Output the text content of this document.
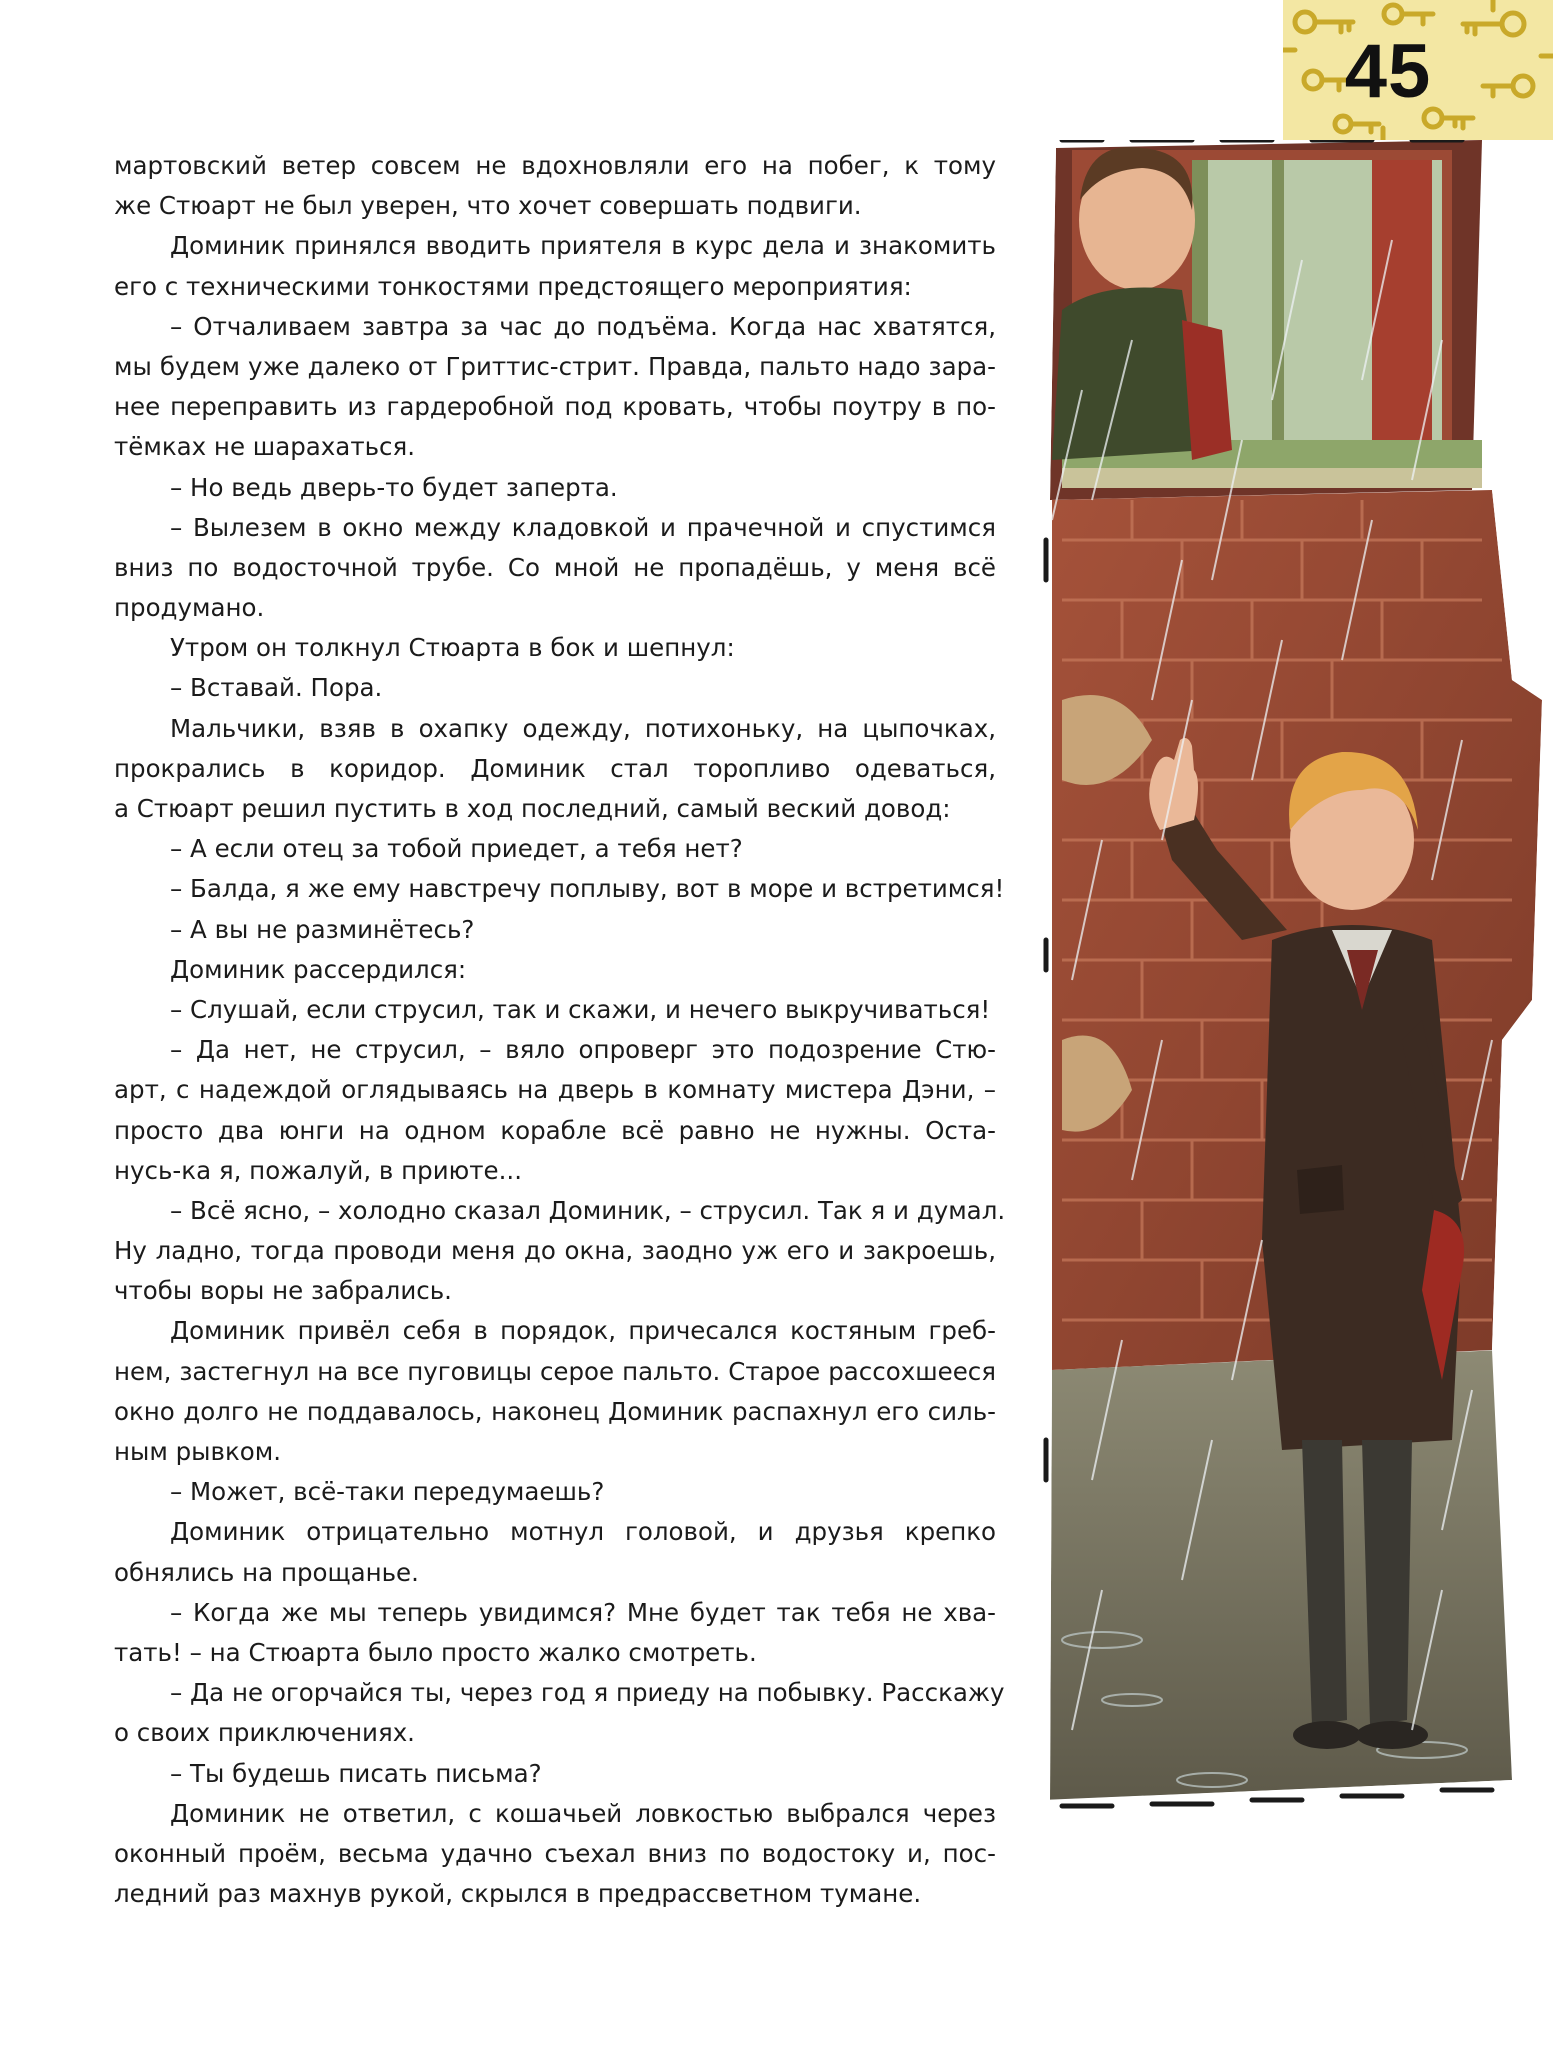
45
мартовский ветер совсем не вдохновляли его на побег, к тому
же Стюарт не был уверен, что хочет совершать подвиги.
Доминик принялся вводить приятеля в курс дела и знакомить
его с техническими тонкостями предстоящего мероприятия:
– Отчаливаем завтра за час до подъёма. Когда нас хватятся,
мы будем уже далеко от Гриттис-стрит. Правда, пальто надо зара-
нее переправить из гардеробной под кровать, чтобы поутру в по-
тёмках не шарахаться.
– Но ведь дверь-то будет заперта.
– Вылезем в окно между кладовкой и прачечной и спустимся
вниз по водосточной трубе. Со мной не пропадёшь, у меня всё
продумано.
Утром он толкнул Стюарта в бок и шепнул:
– Вставай. Пора.
Мальчики, взяв в охапку одежду, потихоньку, на цыпочках,
прокрались в коридор. Доминик стал торопливо одеваться,
а Стюарт решил пустить в ход последний, самый веский довод:
– А если отец за тобой приедет, а тебя нет?
– Балда, я же ему навстречу поплыву, вот в море и встретимся!
– А вы не разминётесь?
Доминик рассердился:
– Слушай, если струсил, так и скажи, и нечего выкручиваться!
– Да нет, не струсил, – вяло опроверг это подозрение Стю-
арт, с надеждой оглядываясь на дверь в комнату мистера Дэни, –
просто два юнги на одном корабле всё равно не нужны. Оста-
нусь-ка я, пожалуй, в приюте...
– Всё ясно, – холодно сказал Доминик, – струсил. Так я и думал.
Ну ладно, тогда проводи меня до окна, заодно уж его и закроешь,
чтобы воры не забрались.
Доминик привёл себя в порядок, причесался костяным греб-
нем, застегнул на все пуговицы серое пальто. Старое рассохшееся
окно долго не поддавалось, наконец Доминик распахнул его силь-
ным рывком.
– Может, всё-таки передумаешь?
Доминик отрицательно мотнул головой, и друзья крепко
обнялись на прощанье.
– Когда же мы теперь увидимся? Мне будет так тебя не хва-
тать! – на Стюарта было просто жалко смотреть.
– Да не огорчайся ты, через год я приеду на побывку. Расскажу
о своих приключениях.
– Ты будешь писать письма?
Доминик не ответил, с кошачьей ловкостью выбрался через
оконный проём, весьма удачно съехал вниз по водостоку и, пос-
ледний раз махнув рукой, скрылся в предрассветном тумане.
